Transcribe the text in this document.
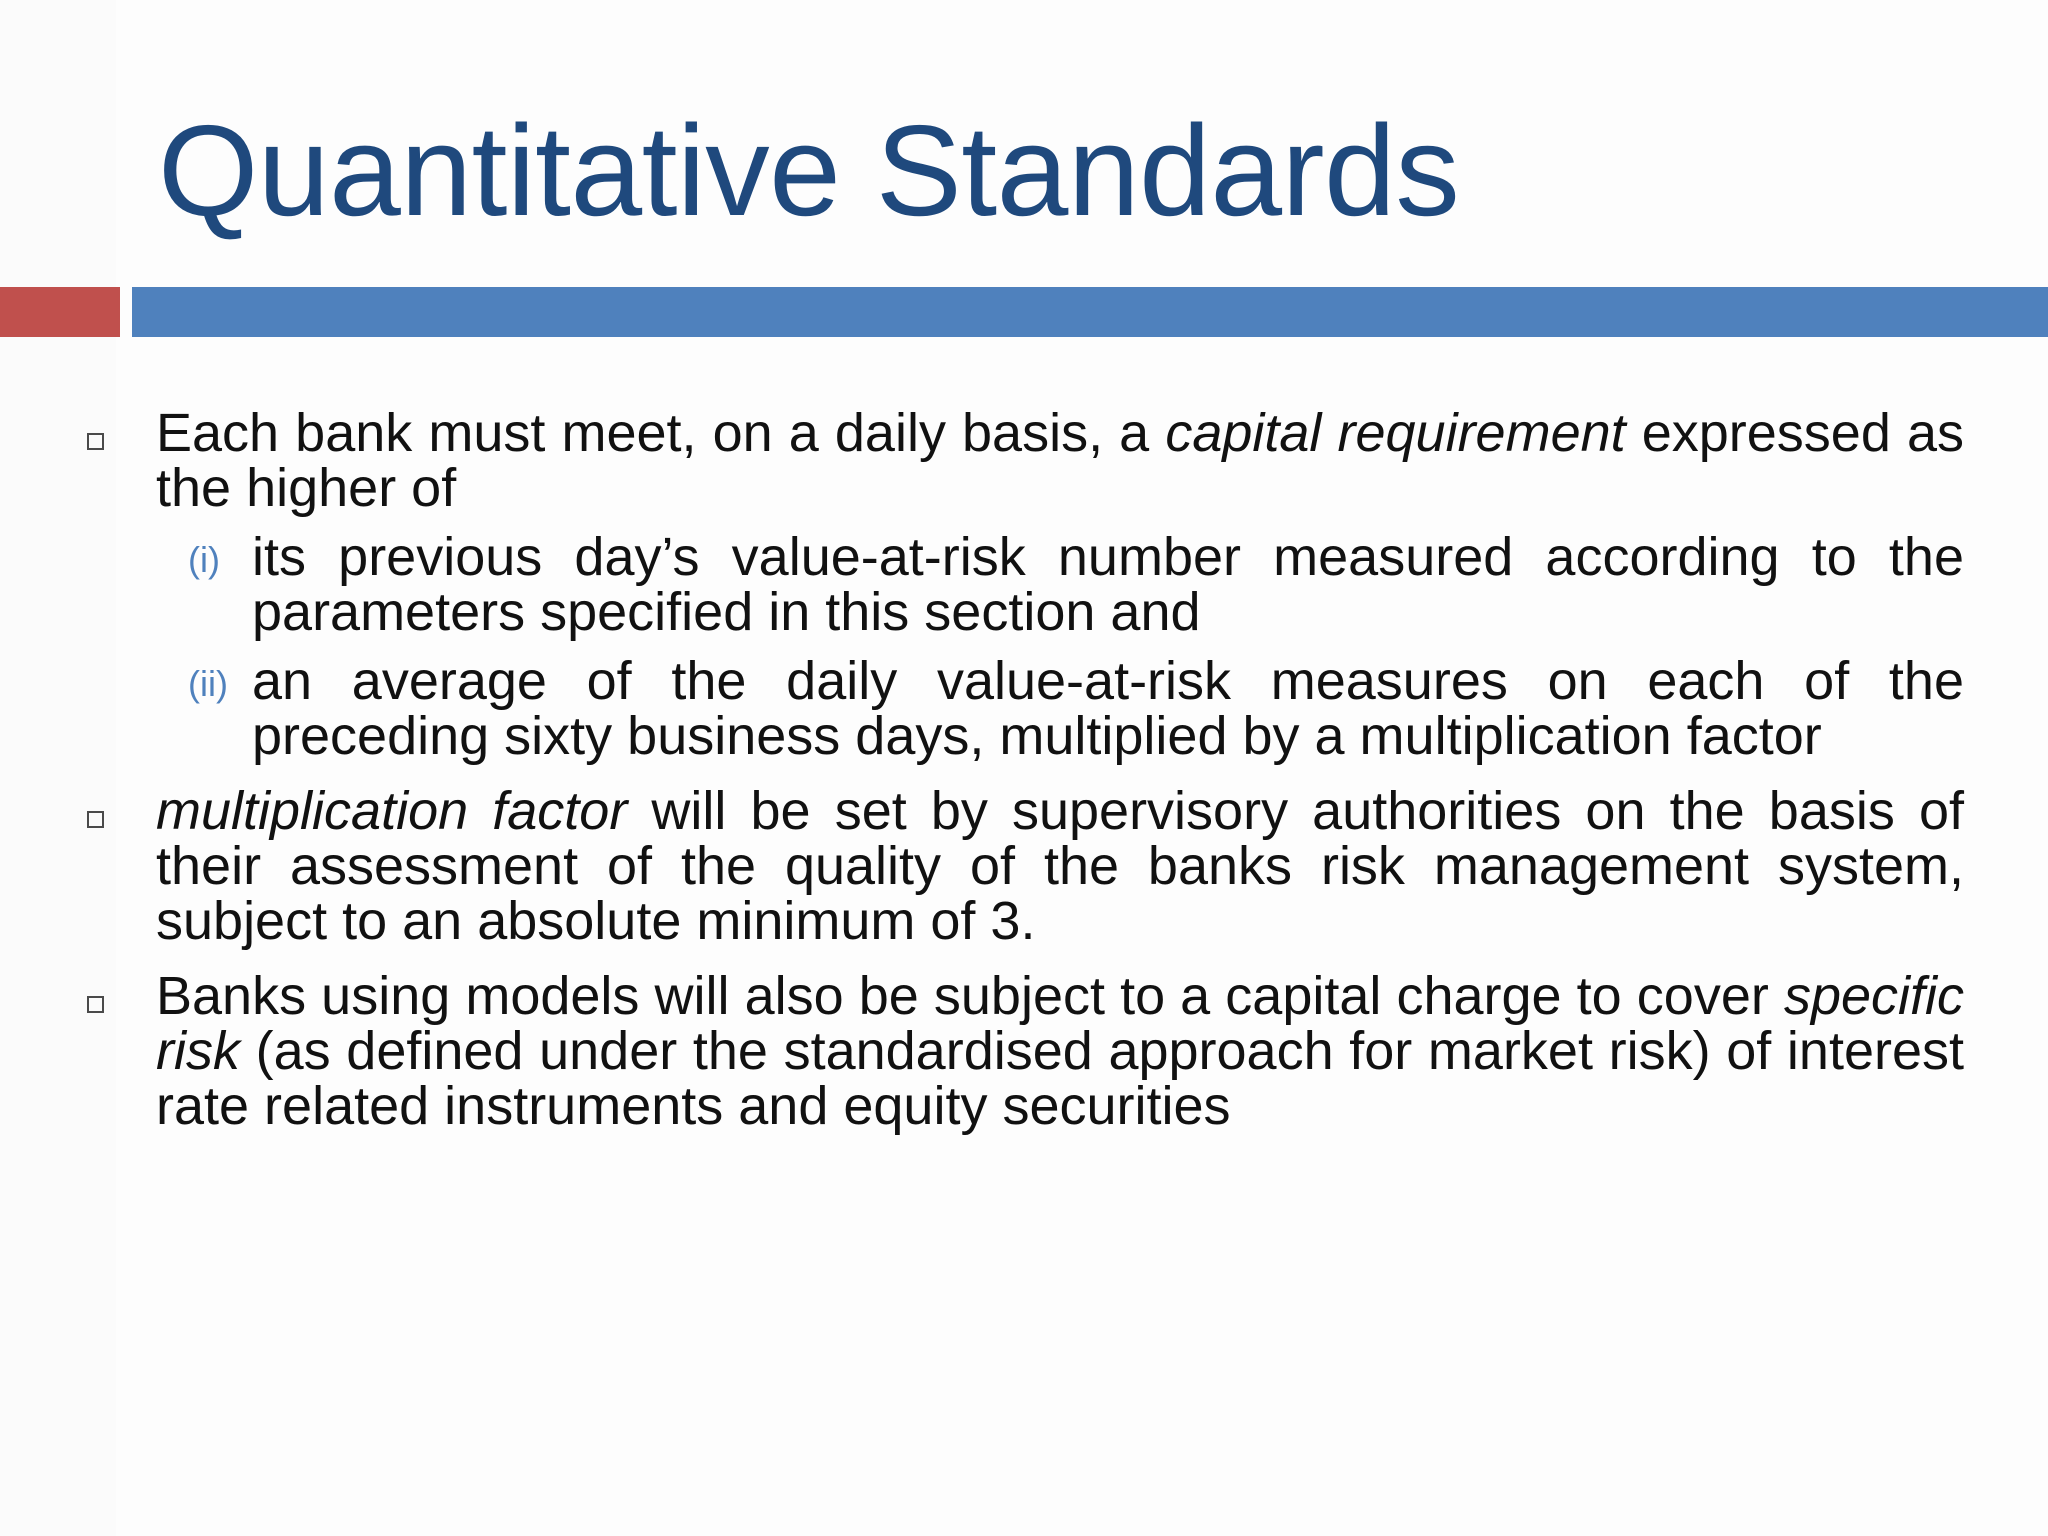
Quantitative Standards
Each bank must meet, on a daily basis, a capital requirement expressed as the higher of
(i) its previous day’s value-at-risk number measured according to the parameters specified in this section and
(ii) an average of the daily value-at-risk measures on each of the preceding sixty business days, multiplied by a multiplication factor
multiplication factor will be set by supervisory authorities on the basis of their assessment of the quality of the banks risk management system, subject to an absolute minimum of 3.
Banks using models will also be subject to a capital charge to cover specific risk (as defined under the standardised approach for market risk) of interest rate related instruments and equity securities
